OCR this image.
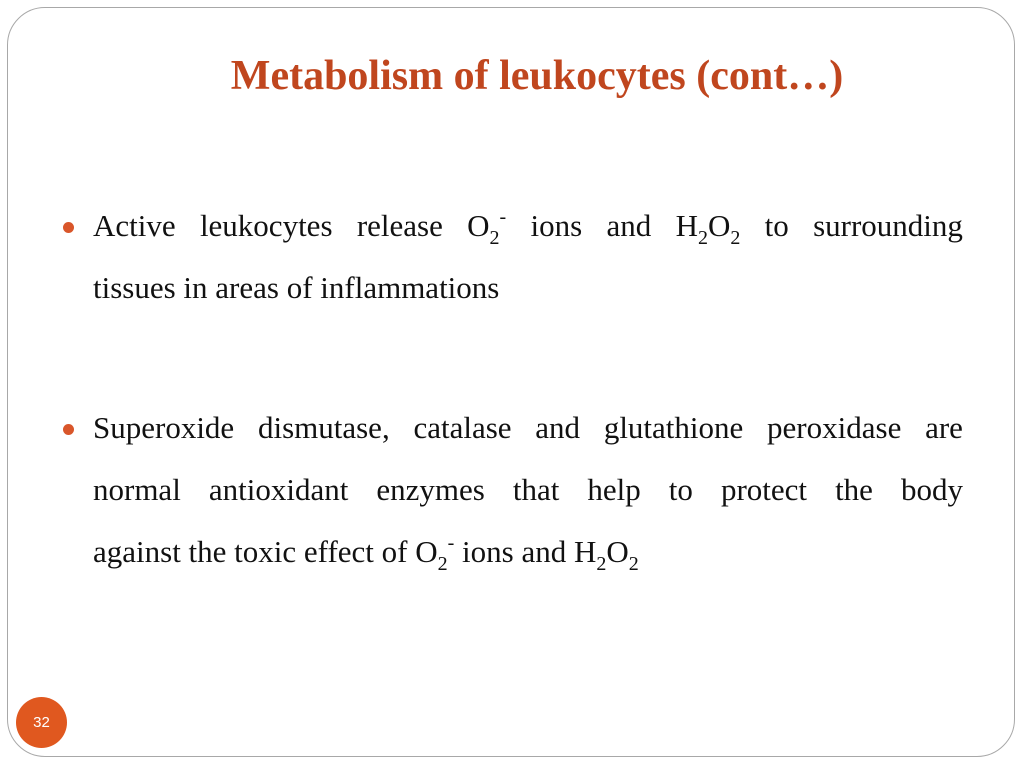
Metabolism of leukocytes (cont…)
Active leukocytes release $O_2^-$ ions and $H_2O_2$ to surrounding
tissues in areas of inflammations
Superoxide dismutase, catalase and glutathione peroxidase are
normal antioxidant enzymes that help to protect the body
against the toxic effect of $O_2^-$ ions and $H_2O_2$
32
